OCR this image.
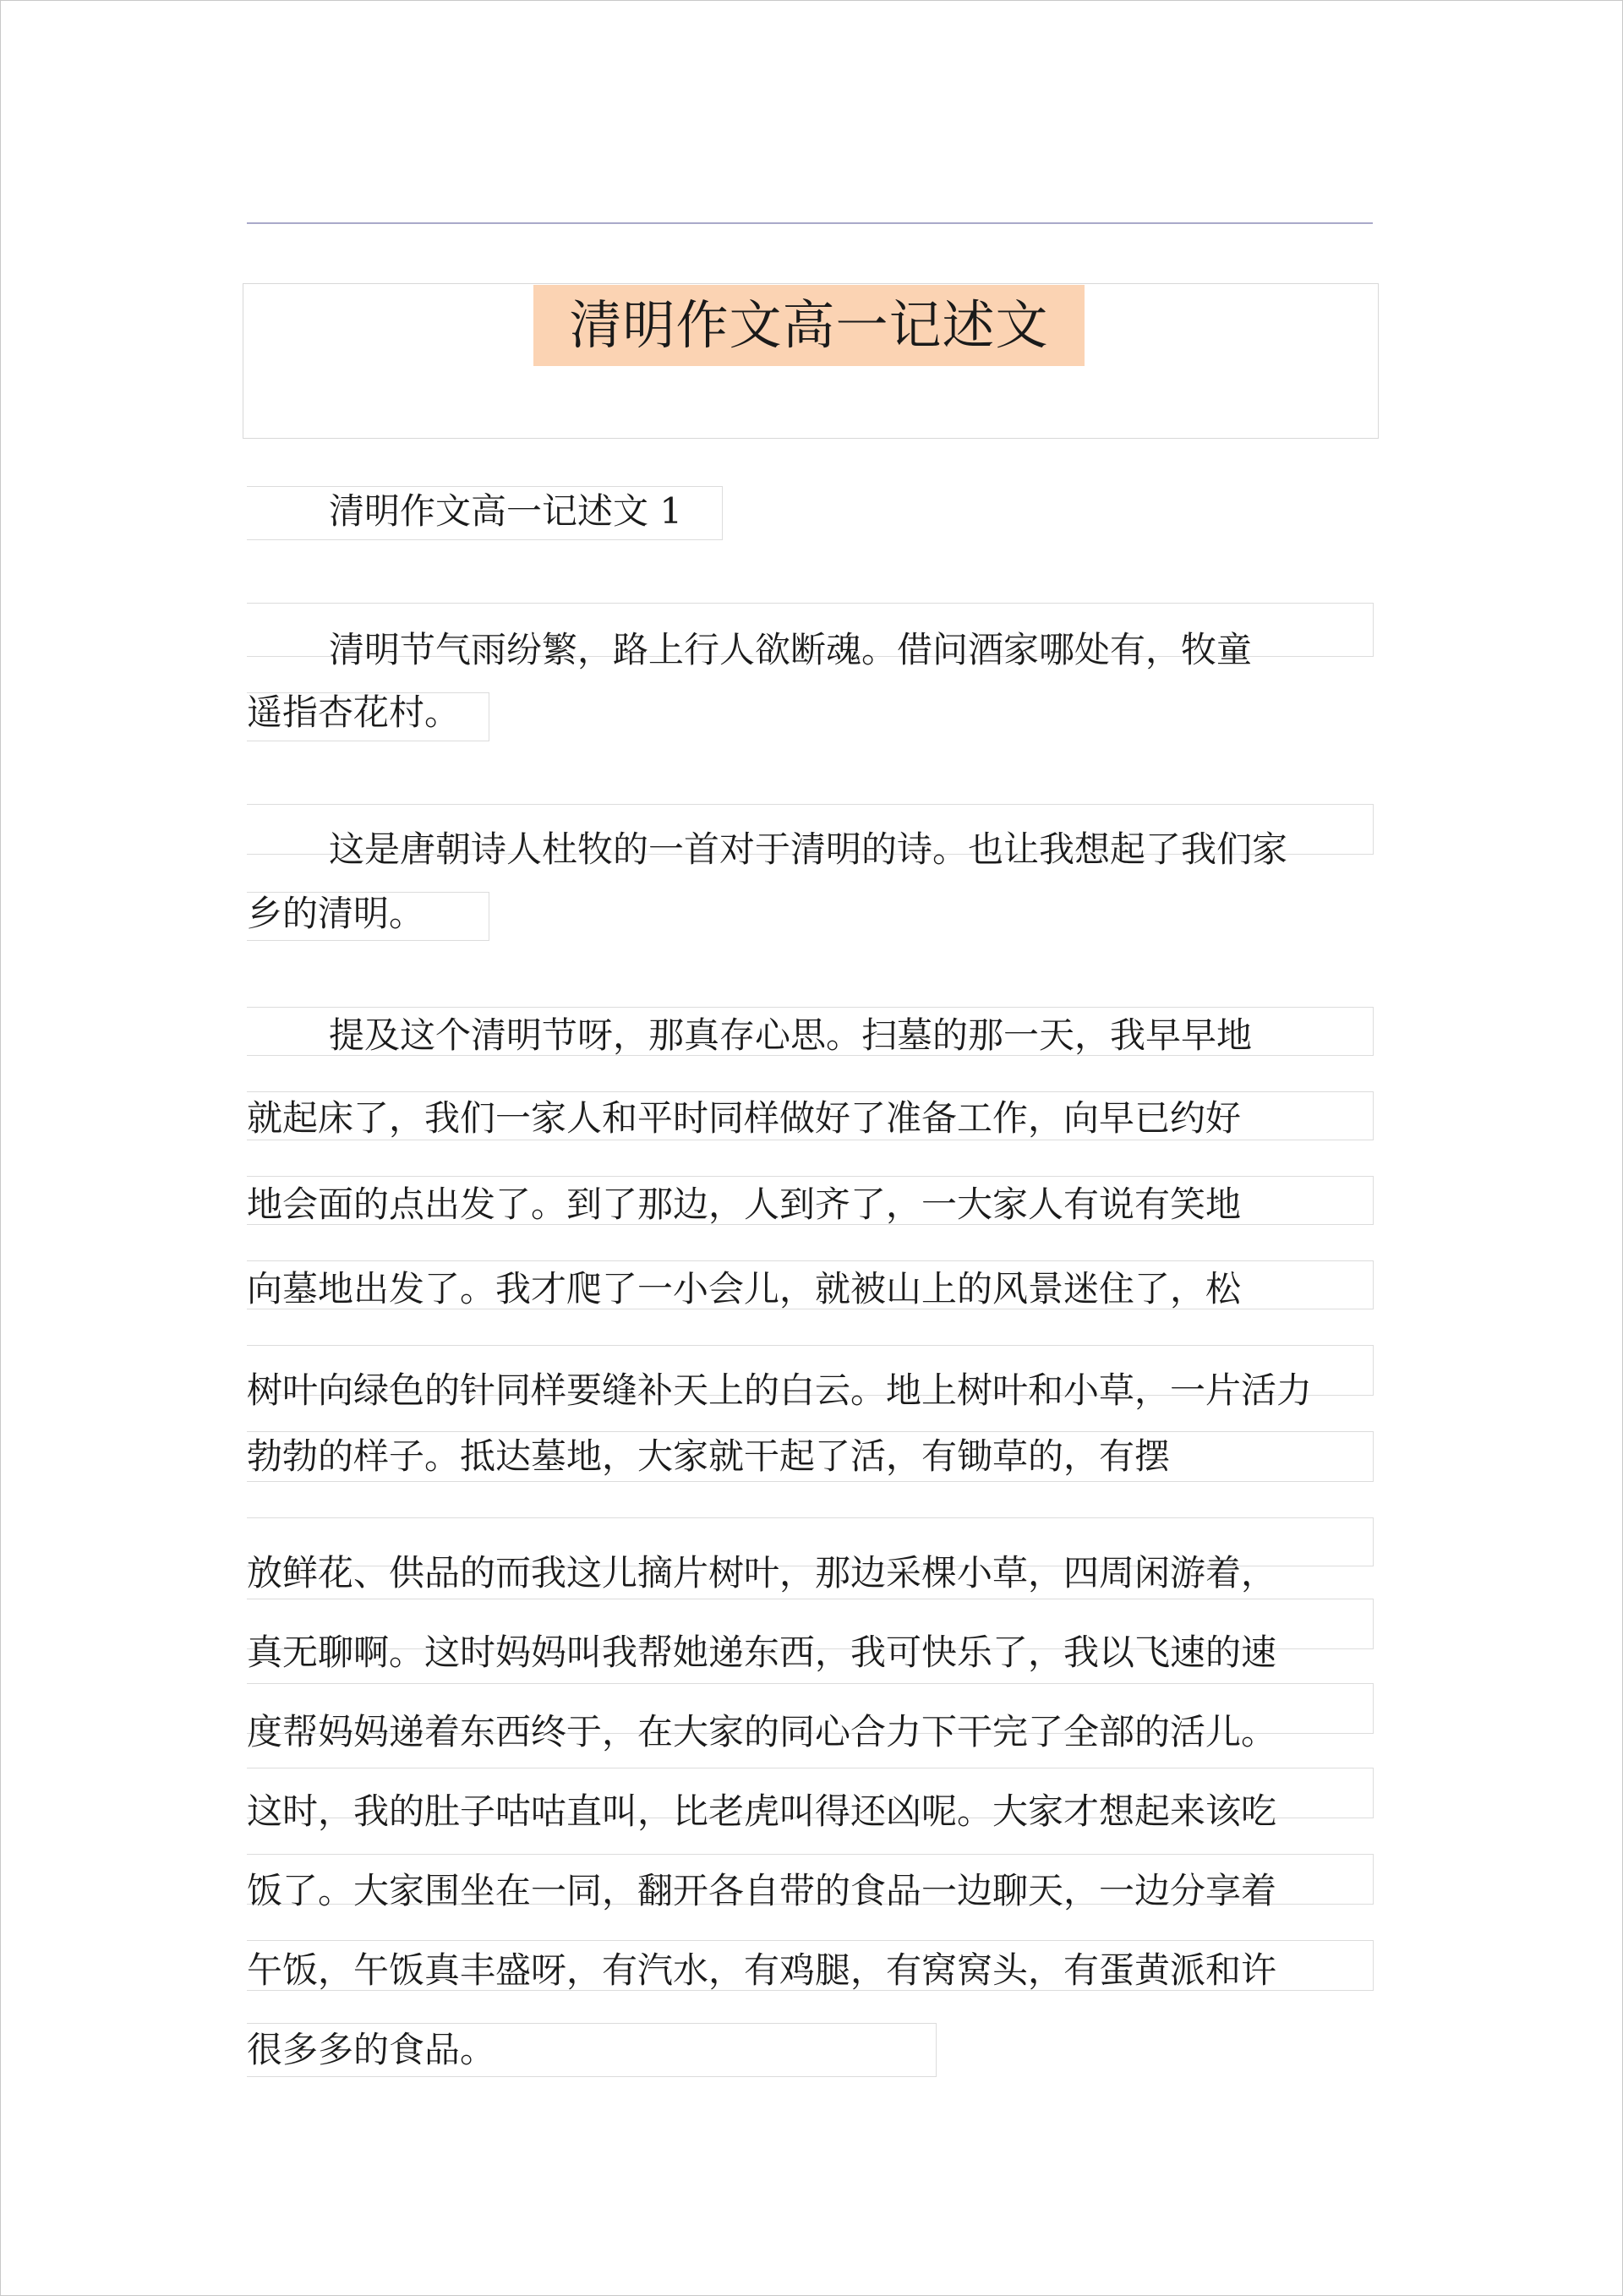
清明作文高一记述文
清明作文高一记述文 1
清明节气雨纷繁，路上行人欲断魂。借问酒家哪处有，牧童
遥指杏花村。
这是唐朝诗人杜牧的一首对于清明的诗。也让我想起了我们家
乡的清明。
提及这个清明节呀，那真存心思。扫墓的那一天，我早早地
就起床了，我们一家人和平时同样做好了准备工作，向早已约好
地会面的点出发了。到了那边，人到齐了，一大家人有说有笑地
向墓地出发了。我才爬了一小会儿，就被山上的风景迷住了，松
树叶向绿色的针同样要缝补天上的白云。地上树叶和小草，一片活力
勃勃的样子。抵达墓地，大家就干起了活，有锄草的，有摆
放鲜花、供品的而我这儿摘片树叶，那边采棵小草，四周闲游着，
真无聊啊。这时妈妈叫我帮她递东西，我可快乐了，我以飞速的速
度帮妈妈递着东西终于，在大家的同心合力下干完了全部的活儿。
这时，我的肚子咕咕直叫，比老虎叫得还凶呢。大家才想起来该吃
饭了。大家围坐在一同，翻开各自带的食品一边聊天，一边分享着
午饭，午饭真丰盛呀，有汽水，有鸡腿，有窝窝头，有蛋黄派和许
很多多的食品。
